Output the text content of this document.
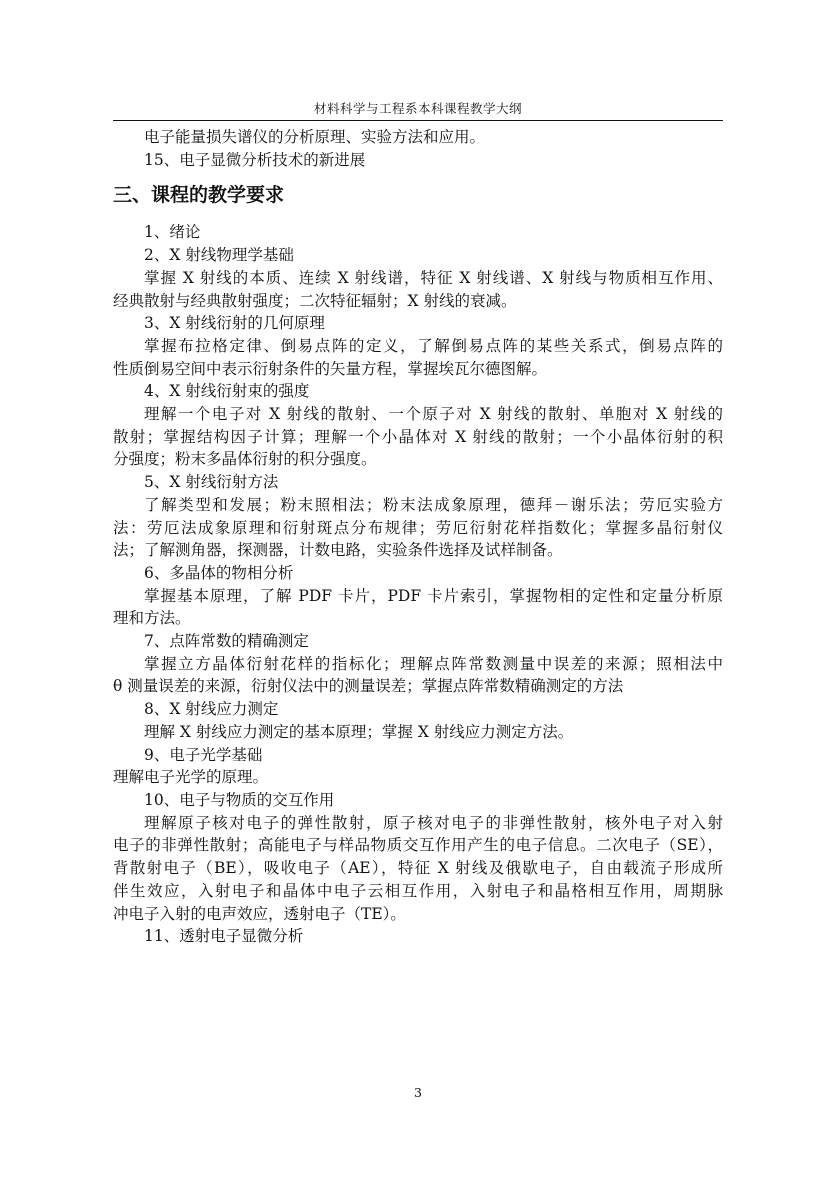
材料科学与工程系本科课程教学大纲
电子能量损失谱仪的分析原理、实验方法和应用。
15、电子显微分析技术的新进展
三、课程的教学要求
1、绪论
2、X 射线物理学基础
掌握 X 射线的本质、连续 X 射线谱，特征 X 射线谱、X 射线与物质相互作用、
经典散射与经典散射强度；二次特征辐射；X 射线的衰减。
3、X 射线衍射的几何原理
掌握布拉格定律、倒易点阵的定义，了解倒易点阵的某些关系式，倒易点阵的
性质倒易空间中表示衍射条件的矢量方程，掌握埃瓦尔德图解。
4、X 射线衍射束的强度
理解一个电子对 X 射线的散射、一个原子对 X 射线的散射、单胞对 X 射线的
散射；掌握结构因子计算；理解一个小晶体对 X 射线的散射；一个小晶体衍射的积
分强度；粉末多晶体衍射的积分强度。
5、X 射线衍射方法
了解类型和发展；粉末照相法；粉末法成象原理，德拜－谢乐法；劳厄实验方
法：劳厄法成象原理和衍射斑点分布规律；劳厄衍射花样指数化；掌握多晶衍射仪
法；了解测角器，探测器，计数电路，实验条件选择及试样制备。
6、多晶体的物相分析
掌握基本原理，了解 PDF 卡片，PDF 卡片索引，掌握物相的定性和定量分析原
理和方法。
7、点阵常数的精确测定
掌握立方晶体衍射花样的指标化；理解点阵常数测量中误差的来源；照相法中
θ 测量误差的来源，衍射仪法中的测量误差；掌握点阵常数精确测定的方法
8、X 射线应力测定
理解 X 射线应力测定的基本原理；掌握 X 射线应力测定方法。
9、电子光学基础
理解电子光学的原理。
10、电子与物质的交互作用
理解原子核对电子的弹性散射，原子核对电子的非弹性散射，核外电子对入射
电子的非弹性散射；高能电子与样品物质交互作用产生的电子信息。二次电子（SE），
背散射电子（BE），吸收电子（AE），特征 X 射线及俄歇电子，自由载流子形成所
伴生效应，入射电子和晶体中电子云相互作用，入射电子和晶格相互作用，周期脉
冲电子入射的电声效应，透射电子（TE）。
11、透射电子显微分析
3
